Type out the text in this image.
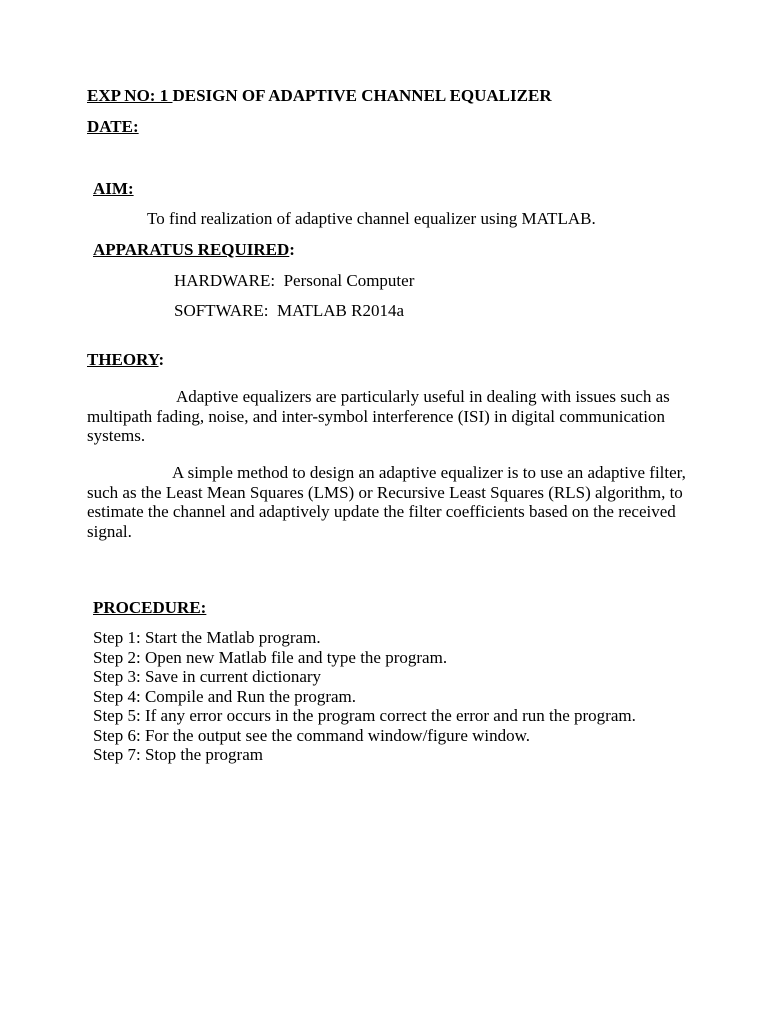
EXP NO: 1 DESIGN OF ADAPTIVE CHANNEL EQUALIZER
DATE:
AIM:
To find realization of adaptive channel equalizer using MATLAB.
APPARATUS REQUIRED:
HARDWARE: Personal Computer
SOFTWARE: MATLAB R2014a
THEORY:
Adaptive equalizers are particularly useful in dealing with issues such as multipath fading, noise, and inter-symbol interference (ISI) in digital communication systems.
A simple method to design an adaptive equalizer is to use an adaptive filter, such as the Least Mean Squares (LMS) or Recursive Least Squares (RLS) algorithm, to estimate the channel and adaptively update the filter coefficients based on the received signal.
PROCEDURE:
Step 1: Start the Matlab program.
Step 2: Open new Matlab file and type the program.
Step 3: Save in current dictionary
Step 4: Compile and Run the program.
Step 5: If any error occurs in the program correct the error and run the program.
Step 6: For the output see the command window/figure window.
Step 7: Stop the program
